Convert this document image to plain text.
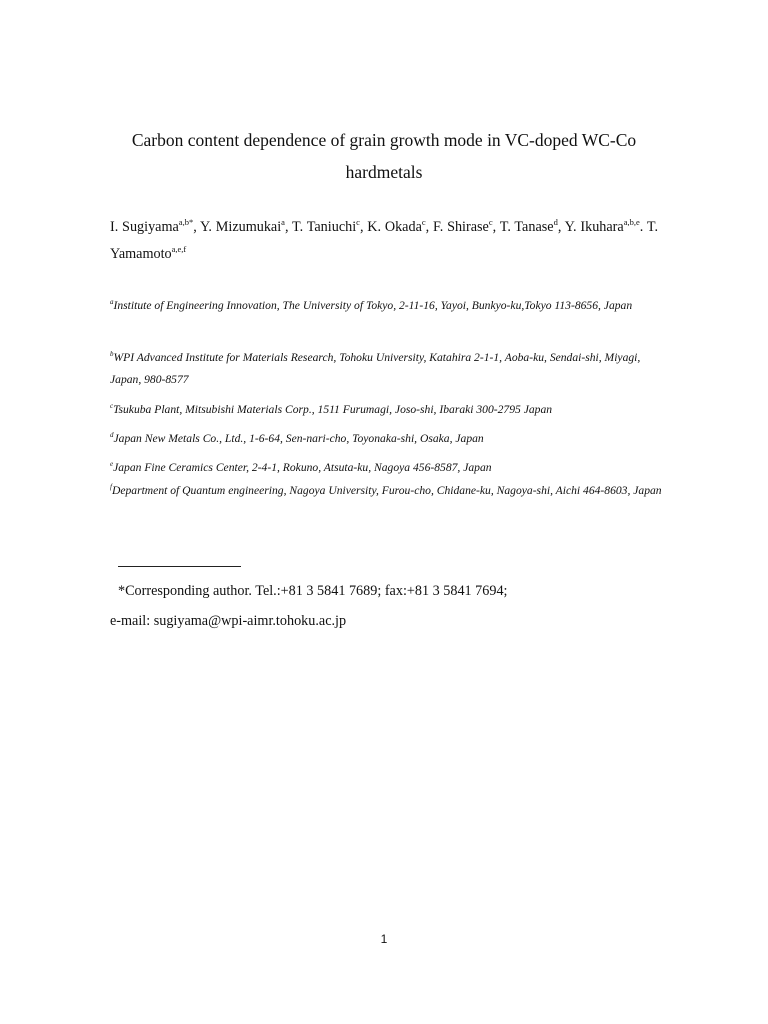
Carbon content dependence of grain growth mode in VC-doped WC-Co
hardmetals
I. Sugiyama$^{a,b*}$, Y. Mizumukai$^a$, T. Taniuchi$^c$, K. Okada$^c$, F. Shirase$^c$, T. Tanase$^d$, Y. Ikuhara$^{a,b,e}$. T. Yamamoto$^{a,e,f}$
$^a$Institute of Engineering Innovation, The University of Tokyo, 2-11-16, Yayoi, Bunkyo-ku,Tokyo 113-8656, Japan
$^b$WPI Advanced Institute for Materials Research, Tohoku University, Katahira 2-1-1, Aoba-ku, Sendai-shi, Miyagi, Japan, 980-8577
$^c$Tsukuba Plant, Mitsubishi Materials Corp., 1511 Furumagi, Joso-shi, Ibaraki 300-2795 Japan
$^d$Japan New Metals Co., Ltd., 1-6-64, Sen-nari-cho, Toyonaka-shi, Osaka, Japan
$^e$Japan Fine Ceramics Center, 2-4-1, Rokuno, Atsuta-ku, Nagoya 456-8587, Japan
$^f$Department of Quantum engineering, Nagoya University, Furou-cho, Chidane-ku, Nagoya-shi, Aichi 464-8603, Japan
*Corresponding author. Tel.:+81 3 5841 7689; fax:+81 3 5841 7694;
e-mail: sugiyama@wpi-aimr.tohoku.ac.jp
1
